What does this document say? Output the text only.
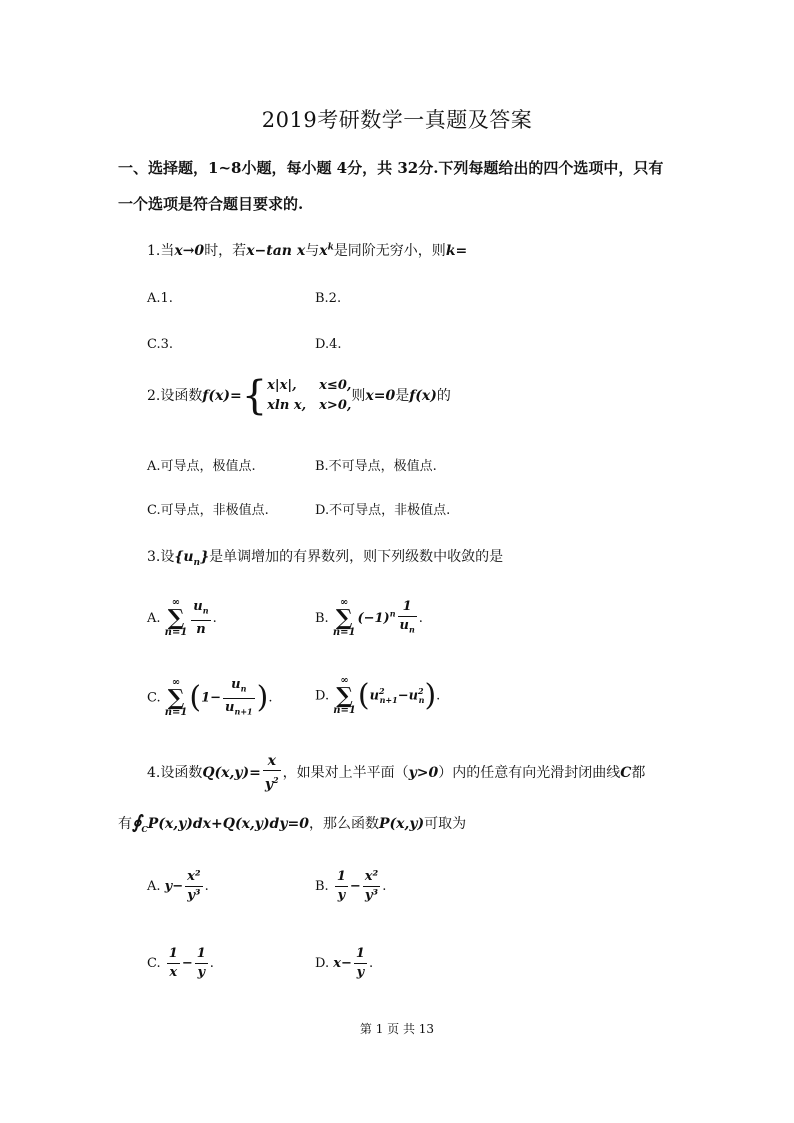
2019考研数学一真题及答案
一、选择题，1~8小题，每小题 4分，共 32分.下列每题给出的四个选项中，只有一个选项是符合题目要求的.
1.当x→0时，若x−tan x与$x^k$是同阶无穷小，则k=
A.1.	B.2.
C.3.	D.4.
2.设函数f(x)={ x|x|, x≤0,
xln x, x>0,
则x=0是f(x)的
A.可导点，极值点.	B.不可导点，极值点.
C.可导点，非极值点.	D.不可导点，非极值点.
3.设$\{u_n\}$是单调增加的有界数列，则下列级数中收敛的是
A. ∞
∑
$n=1 \frac{u_n}{n}$ .	B. ∞
∑
$n=1(-1)^n \frac{1}{u_n}$ .
C. ∞
∑
$n=1(1- \frac{u_n}{u_{n+1}}$ ).	D. ∞
∑
$n=1(u^2_{n+1}-u^2_n)$.
4.设函数$Q(x,y)= \frac{x}{y^2}$ ，如果对上半平面（y>0）内的任意有向光滑封闭曲线C都
有$∮_CP(x,y)dx+Q(x,y)dy=0$，那么函数P(x,y)可取为
A. $y- \frac{\text{x²}}{\text{y³}}$ .	B. $\frac{1}{y} - \frac{\text{x²}}{\text{y³}}$ .
C. $\frac{1}{x} - \frac{1}{y}$ .	D. $x- \frac{1}{y}$ .
第 1 页 共 13
